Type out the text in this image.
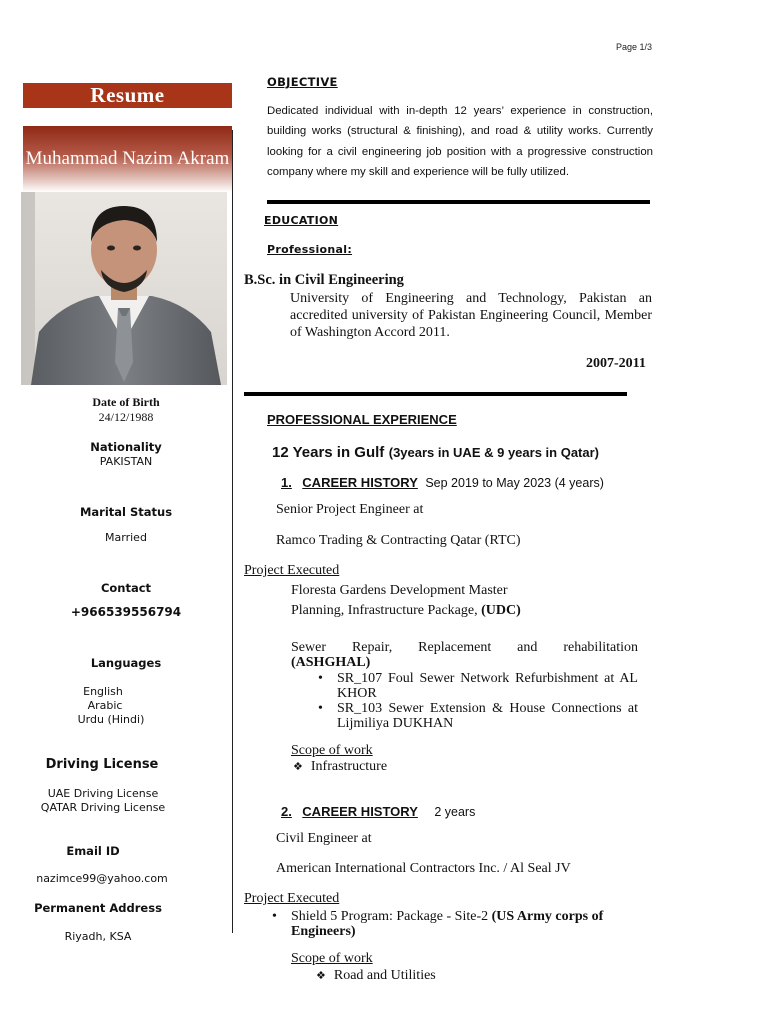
Page 1/3
Resume
Muhammad Nazim Akram
Date of Birth
24/12/1988
Nationality
PAKISTAN
Marital Status
Married
Contact
+966539556794
Languages
English
Arabic
Urdu (Hindi)
Driving License
UAE Driving License
QATAR Driving License
Email ID
nazimce99@yahoo.com
Permanent Address
Riyadh, KSA
OBJECTIVE
Dedicated individual with in-depth 12 years’ experience in construction, building works (structural & finishing), and road & utility works. Currently looking for a civil engineering job position with a progressive construction company where my skill and experience will be fully utilized.
EDUCATION
Professional:
B.Sc. in Civil Engineering
University of Engineering and Technology, Pakistan an accredited university of Pakistan Engineering Council, Member of Washington Accord 2011.
2007-2011
PROFESSIONAL EXPERIENCE
12 Years in Gulf (3years in UAE & 9 years in Qatar)
1. CAREER HISTORY Sep 2019 to May 2023 (4 years)
Senior Project Engineer at
Ramco Trading & Contracting Qatar (RTC)
Project Executed
Floresta Gardens Development Master
Planning, Infrastructure Package, (UDC)
Sewer Repair, Replacement and rehabilitation
(ASHGHAL)
• SR_107 Foul Sewer Network Refurbishment at AL KHOR
• SR_103 Sewer Extension & House Connections at Lijmiliya DUKHAN
Scope of work
❖ Infrastructure
2. CAREER HISTORY 2 years
Civil Engineer at
American International Contractors Inc. / Al Seal JV
Project Executed
• Shield 5 Program: Package - Site-2 (US Army corps of Engineers)
Scope of work
❖ Road and Utilities
